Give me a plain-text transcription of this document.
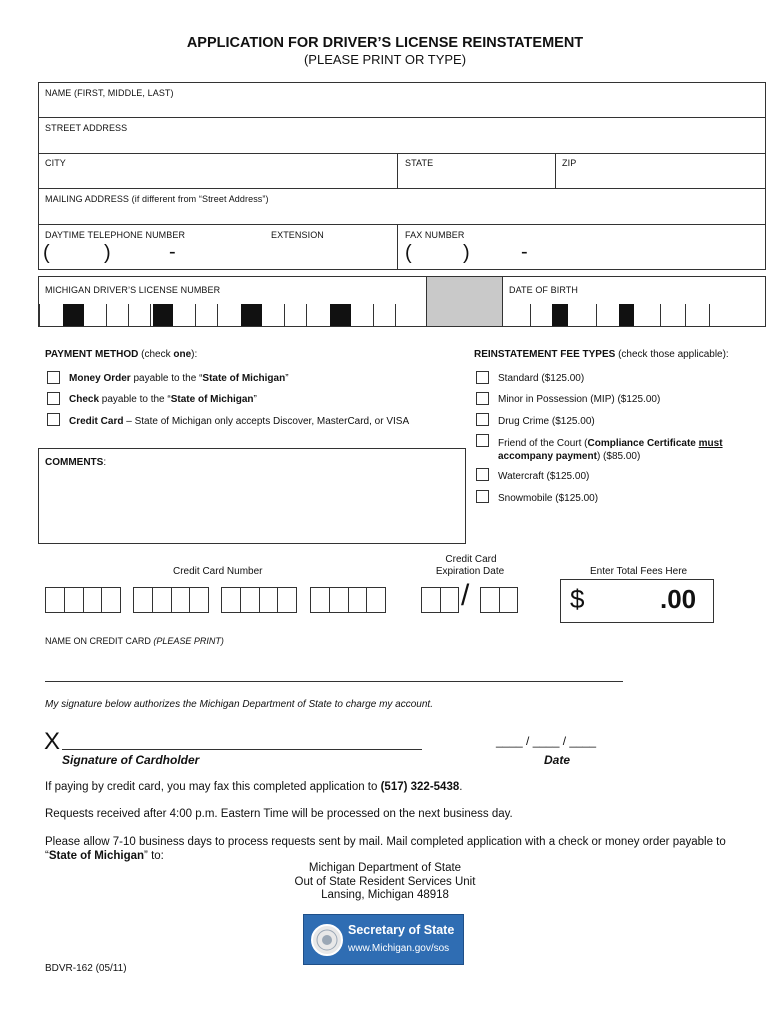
APPLICATION FOR DRIVER’S LICENSE REINSTATEMENT
(PLEASE PRINT OR TYPE)
NAME (FIRST, MIDDLE, LAST)
STREET ADDRESS
CITY	STATE	ZIP
MAILING ADDRESS (if different from “Street Address”)
DAYTIME TELEPHONE NUMBER	EXTENSION	FAX NUMBER
(	)	-	(	)	-
MICHIGAN DRIVER’S LICENSE NUMBER	DATE OF BIRTH
PAYMENT METHOD (check one):
Money Order payable to the “State of Michigan”
Check payable to the “State of Michigan”
Credit Card – State of Michigan only accepts Discover, MasterCard, or VISA
REINSTATEMENT FEE TYPES (check those applicable):
Standard ($125.00)
Minor in Possession (MIP) ($125.00)
Drug Crime ($125.00)
Friend of the Court (Compliance Certificate must
accompany payment) ($85.00)
Watercraft ($125.00)
Snowmobile ($125.00)
COMMENTS:
Credit Card Number
Credit Card
Expiration Date	Enter Total Fees Here
/	$	.00
NAME ON CREDIT CARD (PLEASE PRINT)
My signature below authorizes the Michigan Department of State to charge my account.
X
Signature of Cardholder
____ / ____ / ____
Date
If paying by credit card, you may fax this completed application to (517) 322-5438.
Requests received after 4:00 p.m. Eastern Time will be processed on the next business day.
Please allow 7-10 business days to process requests sent by mail. Mail completed application with a check or money order payable to “State of Michigan” to:
Michigan Department of State
Out of State Resident Services Unit
Lansing, Michigan 48918
Secretary of State
www.Michigan.gov/sos
BDVR-162 (05/11)
